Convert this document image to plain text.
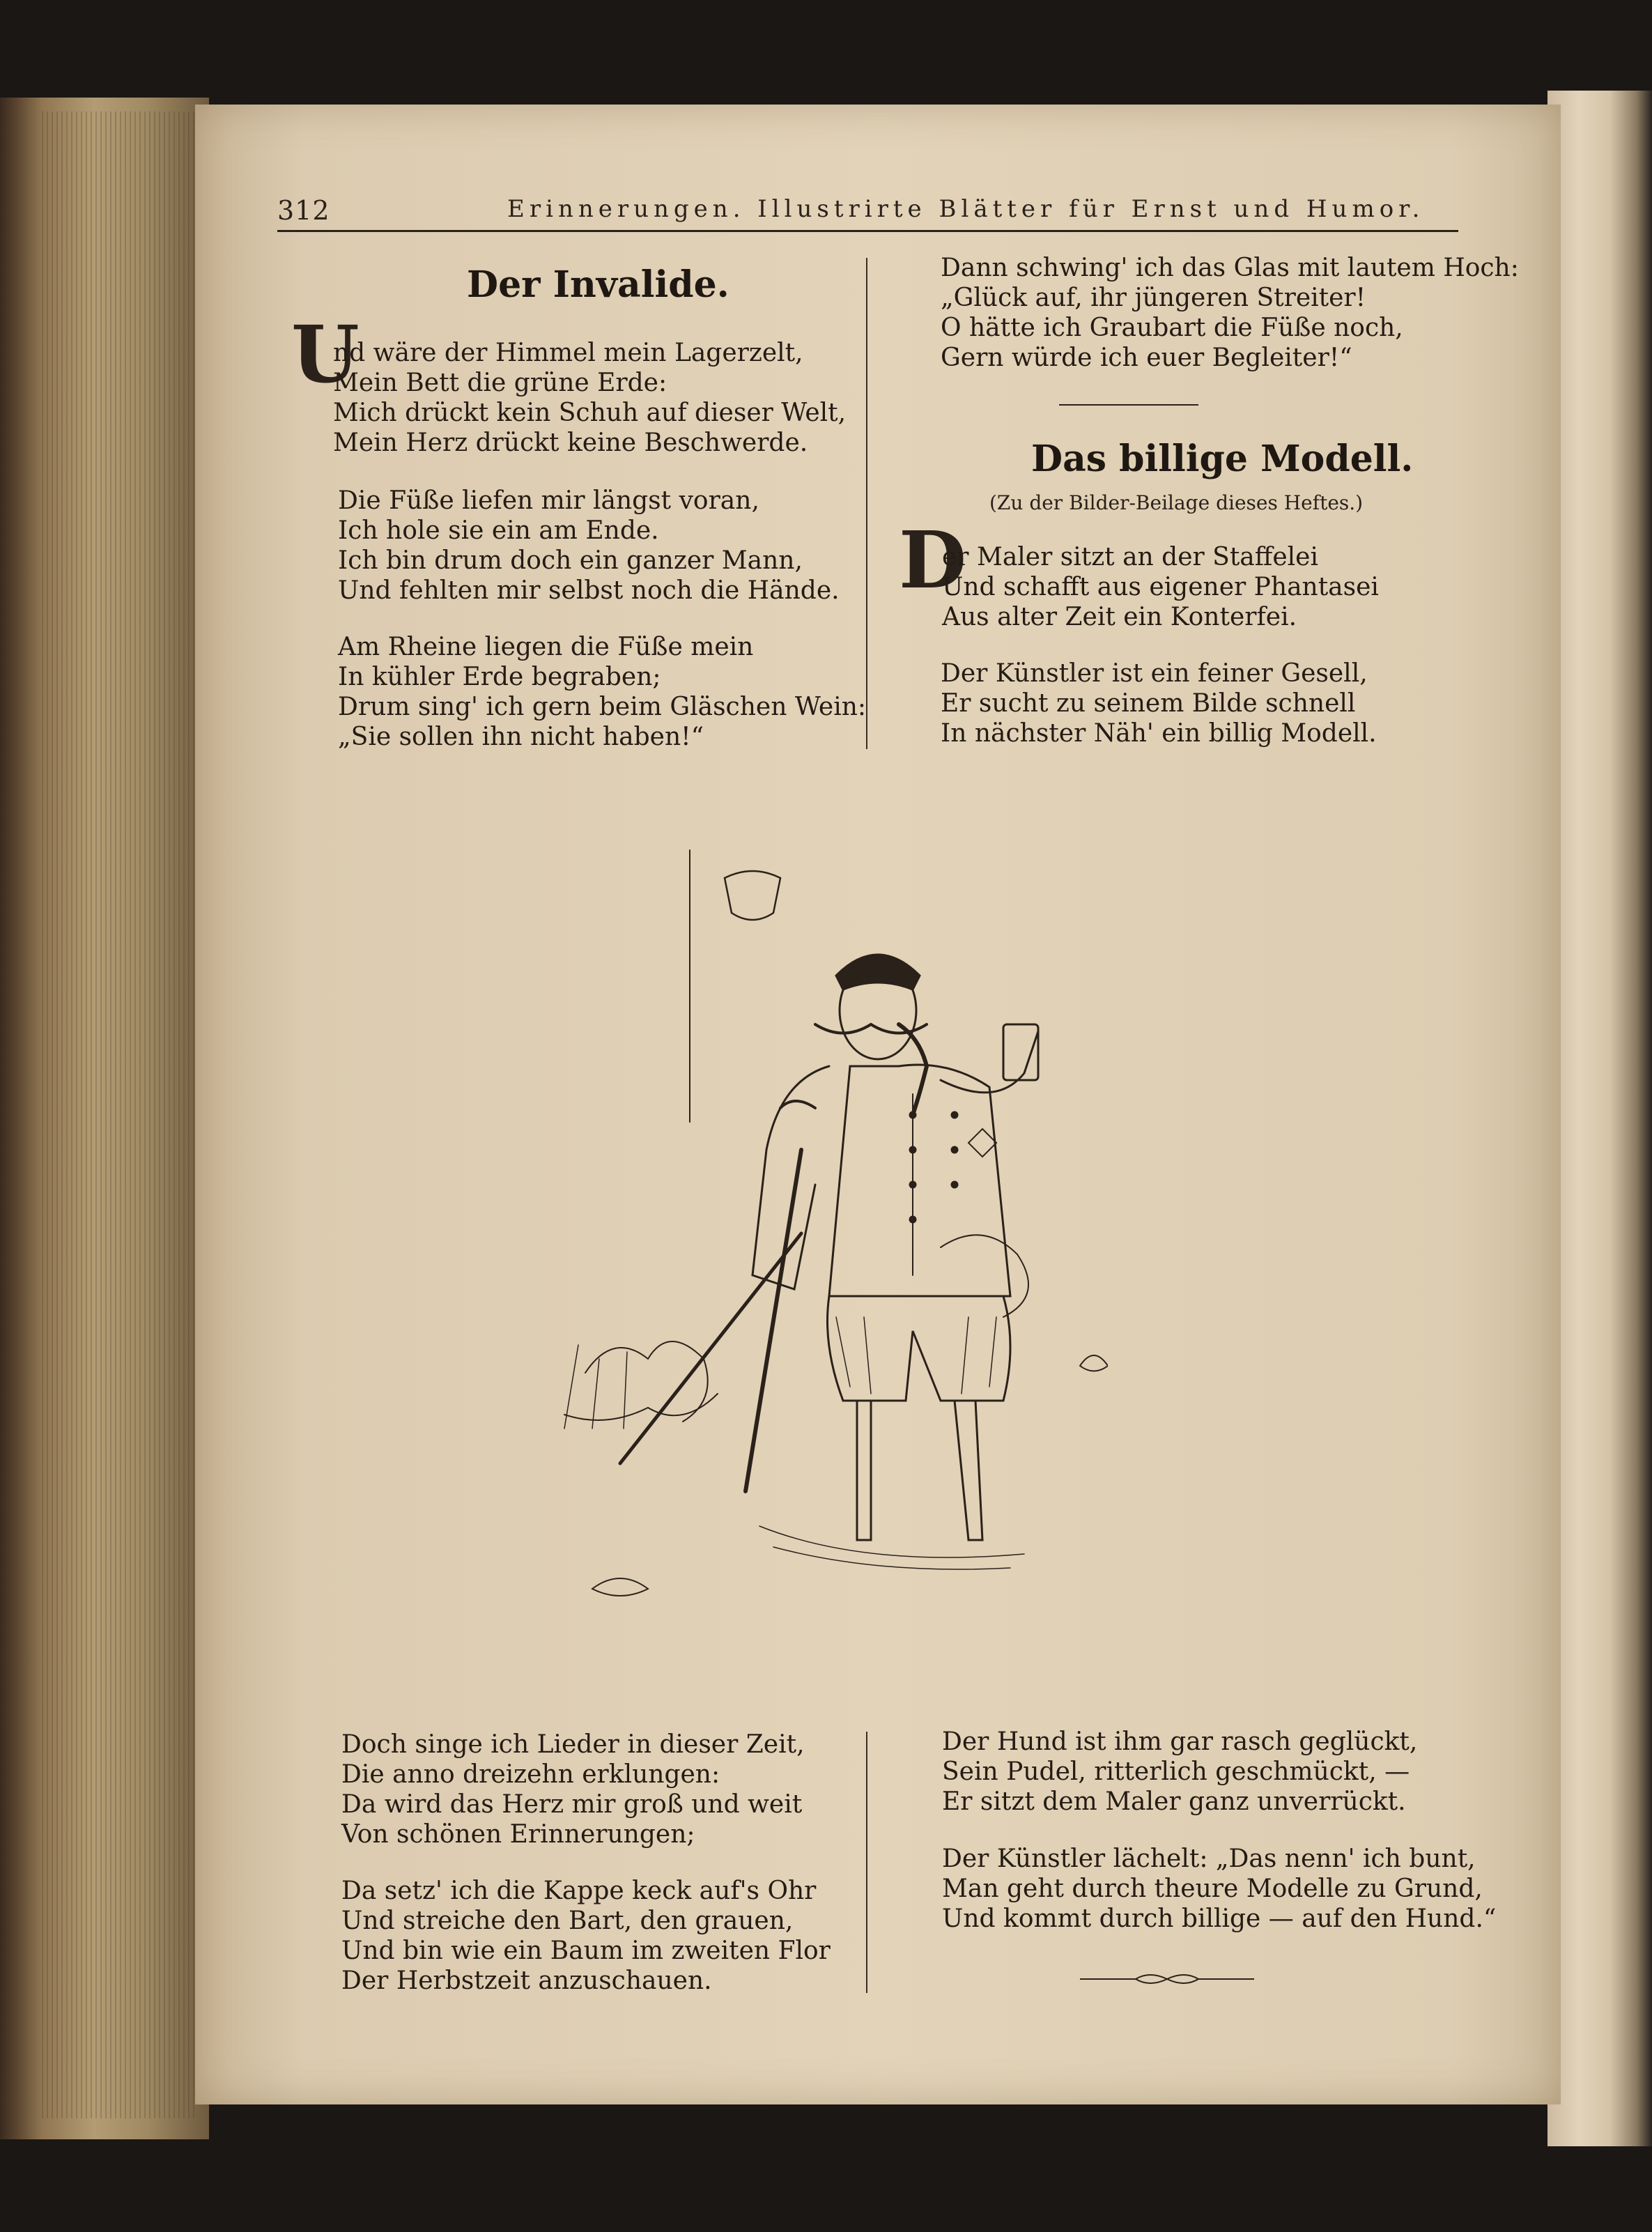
312	Erinnerungen. Illustrirte Blätter für Ernst und Humor.
Der Invalide.
U
nd wäre der Himmel mein Lagerzelt,
Mein Bett die grüne Erde:
Mich drückt kein Schuh auf dieser Welt,
Mein Herz drückt keine Beschwerde.
Die Füße liefen mir längst voran,
Ich hole sie ein am Ende.
Ich bin drum doch ein ganzer Mann,
Und fehlten mir selbst noch die Hände.
Am Rheine liegen die Füße mein
In kühler Erde begraben;
Drum sing' ich gern beim Gläschen Wein:
„Sie sollen ihn nicht haben!“
Dann schwing' ich das Glas mit lautem Hoch:
„Glück auf, ihr jüngeren Streiter!
O hätte ich Graubart die Füße noch,
Gern würde ich euer Begleiter!“
Das billige Modell.
(Zu der Bilder-Beilage dieses Heftes.)
D
er Maler sitzt an der Staffelei
Und schafft aus eigener Phantasei
Aus alter Zeit ein Konterfei.
Der Künstler ist ein feiner Gesell,
Er sucht zu seinem Bilde schnell
In nächster Näh' ein billig Modell.
Doch singe ich Lieder in dieser Zeit,
Die anno dreizehn erklungen:
Da wird das Herz mir groß und weit
Von schönen Erinnerungen;
Da setz' ich die Kappe keck auf's Ohr
Und streiche den Bart, den grauen,
Und bin wie ein Baum im zweiten Flor
Der Herbstzeit anzuschauen.
Der Hund ist ihm gar rasch geglückt,
Sein Pudel, ritterlich geschmückt, —
Er sitzt dem Maler ganz unverrückt.
Der Künstler lächelt: „Das nenn' ich bunt,
Man geht durch theure Modelle zu Grund,
Und kommt durch billige — auf den Hund.“
